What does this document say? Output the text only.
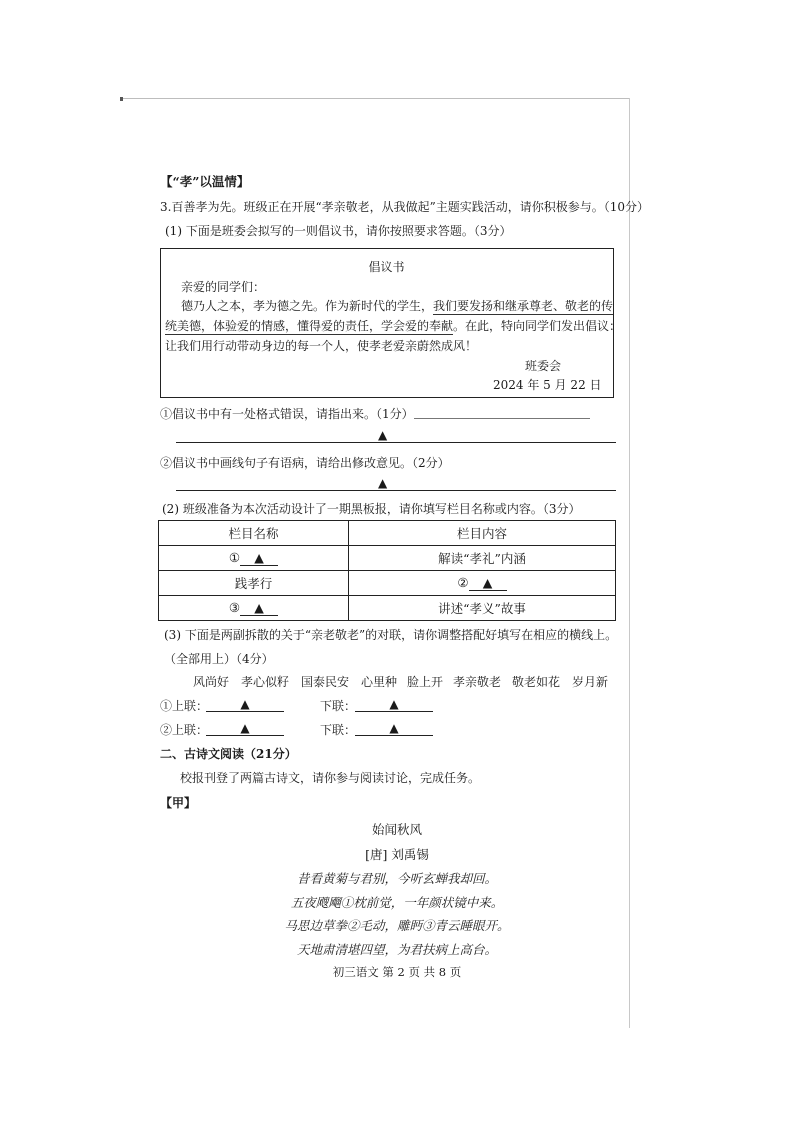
【“孝”以温情】
3.百善孝为先。班级正在开展“孝亲敬老，从我做起”主题实践活动，请你积极参与。（10分）
(1) 下面是班委会拟写的一则倡议书，请你按照要求答题。（3分）
倡议书
亲爱的同学们：
德乃人之本，孝为德之先。作为新时代的学生，我们要发扬和继承尊老、敬老的传
统美德，体验爱的情感，懂得爱的责任，学会爱的奉献。在此，特向同学们发出倡议：
让我们用行动带动身边的每一个人，使孝老爱亲蔚然成风！
班委会
2024 年 5 月 22 日
①倡议书中有一处格式错误，请指出来。（1分）
▲
②倡议书中画线句子有语病，请给出修改意见。（2分）
▲
(2) 班级准备为本次活动设计了一期黑板报，请你填写栏目名称或内容。（3分）
栏目名称	栏目内容
① ▲	解读“孝礼”内涵
践孝行	② ▲
③ ▲	讲述“孝义”故事
(3) 下面是两副拆散的关于“亲老敬老”的对联，请你调整搭配好填写在相应的横线上。
（全部用上）（4分）
风尚好 孝心似籽 国泰民安 心里种 脸上开 孝亲敬老 敬老如花 岁月新
①上联：	▲	下联：	▲
②上联：	▲	下联：	▲
二、古诗文阅读（21分）
校报刊登了两篇古诗文，请你参与阅读讨论，完成任务。
【甲】
始闻秋风
[唐] 刘禹锡
昔看黄菊与君别，今听玄蝉我却回。
五夜飕飗①枕前觉，一年颜状镜中来。
马思边草拳②毛动，雕眄③青云睡眼开。
天地肃清堪四望，为君扶病上高台。
初三语文 第 2 页 共 8 页
